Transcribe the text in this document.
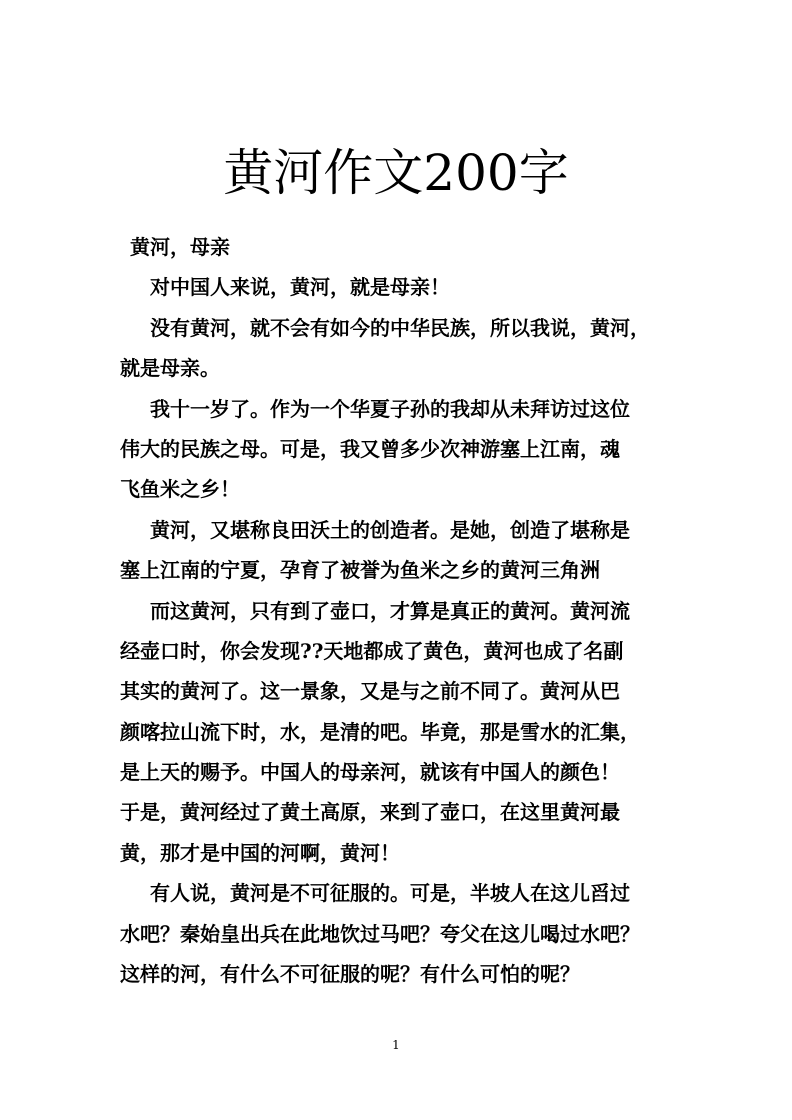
黄河作文200字
黄河，母亲
对中国人来说，黄河，就是母亲！
没有黄河，就不会有如今的中华民族，所以我说，黄河，
就是母亲。
我十一岁了。作为一个华夏子孙的我却从未拜访过这位
伟大的民族之母。可是，我又曾多少次神游塞上江南，魂
飞鱼米之乡！
黄河，又堪称良田沃土的创造者。是她，创造了堪称是
塞上江南的宁夏，孕育了被誉为鱼米之乡的黄河三角洲
而这黄河，只有到了壶口，才算是真正的黄河。黄河流
经壶口时，你会发现??天地都成了黄色，黄河也成了名副
其实的黄河了。这一景象，又是与之前不同了。黄河从巴
颜喀拉山流下时，水，是清的吧。毕竟，那是雪水的汇集，
是上天的赐予。中国人的母亲河，就该有中国人的颜色！
于是，黄河经过了黄土高原，来到了壶口，在这里黄河最
黄，那才是中国的河啊，黄河！
有人说，黄河是不可征服的。可是，半坡人在这儿舀过
水吧？秦始皇出兵在此地饮过马吧？夸父在这儿喝过水吧？
这样的河，有什么不可征服的呢？有什么可怕的呢？
1
